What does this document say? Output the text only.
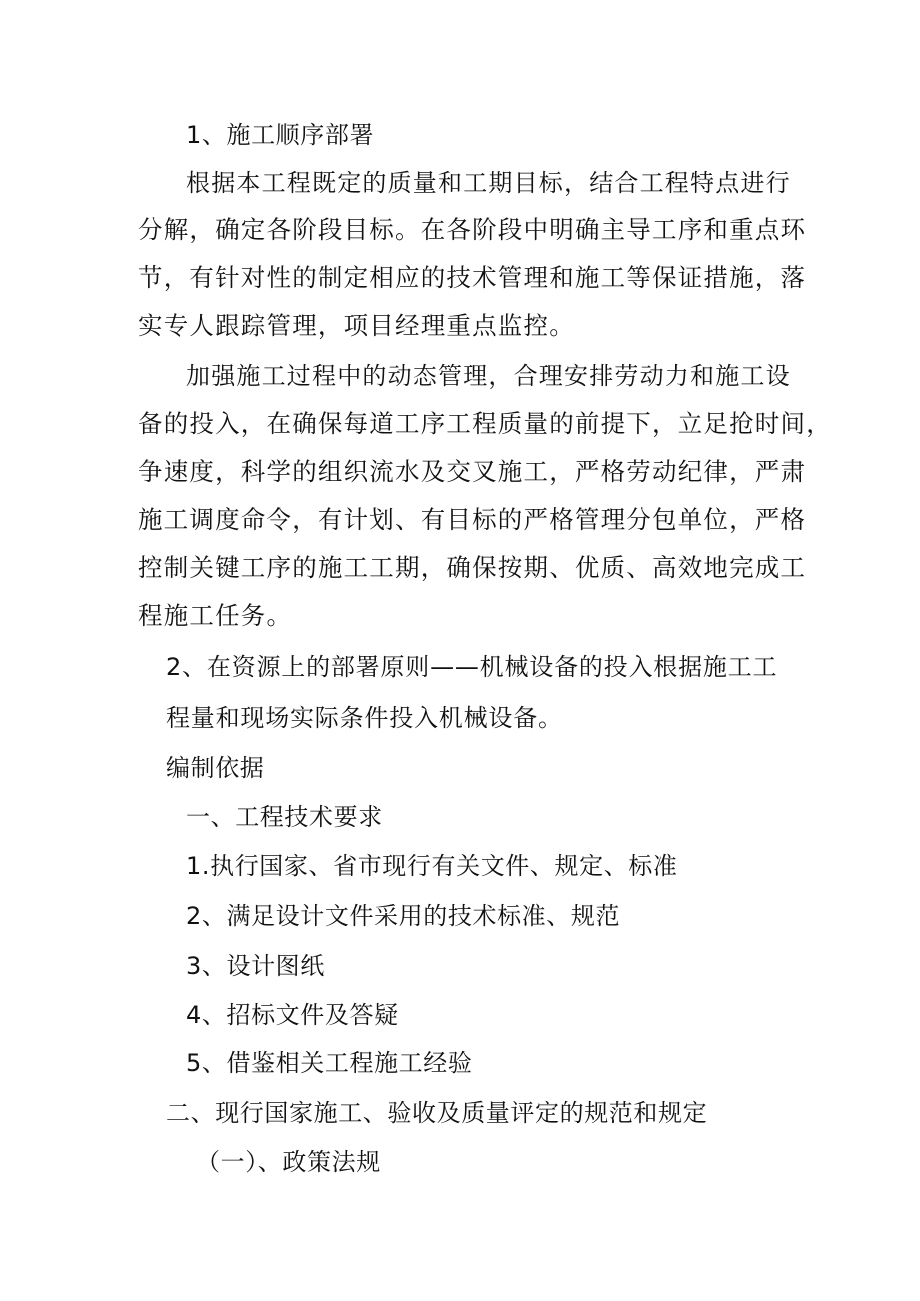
1、施工顺序部署
根据本工程既定的质量和工期目标，结合工程特点进行
分解，确定各阶段目标。在各阶段中明确主导工序和重点环
节，有针对性的制定相应的技术管理和施工等保证措施，落
实专人跟踪管理，项目经理重点监控。
加强施工过程中的动态管理，合理安排劳动力和施工设
备的投入，在确保每道工序工程质量的前提下，立足抢时间，
争速度，科学的组织流水及交叉施工，严格劳动纪律，严肃
施工调度命令，有计划、有目标的严格管理分包单位，严格
控制关键工序的施工工期，确保按期、优质、高效地完成工
程施工任务。
2、在资源上的部署原则——机械设备的投入根据施工工
程量和现场实际条件投入机械设备。
编制依据
一、工程技术要求
1.执行国家、省市现行有关文件、规定、标准
2、满足设计文件采用的技术标准、规范
3、设计图纸
4、招标文件及答疑
5、借鉴相关工程施工经验
二、现行国家施工、验收及质量评定的规范和规定
（一）、政策法规
